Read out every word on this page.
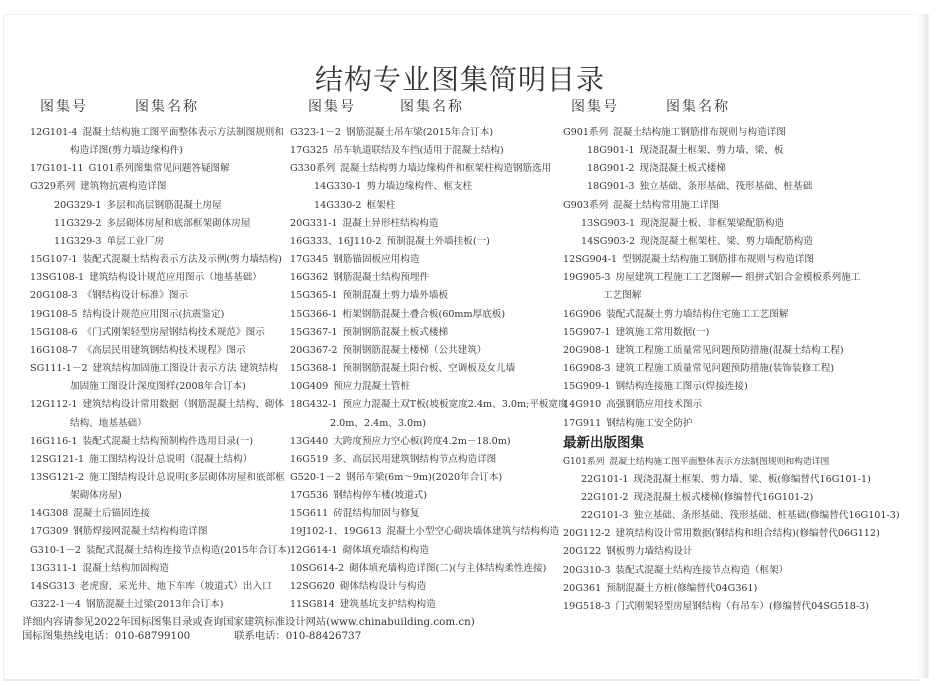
结构专业图集简明目录
图集号	图集名称	图集号	图集名称	图集号	图集名称
12G101-4 混凝土结构施工图平面整体表示方法制图规则和
构造详图(剪力墙边缘构件)
17G101-11 G101系列图集常见问题答疑图解
G329系列 建筑物抗震构造详图
20G329-1 多层和高层钢筋混凝土房屋
11G329-2 多层砌体房屋和底部框架砌体房屋
11G329-3 单层工业厂房
15G107-1 装配式混凝土结构表示方法及示例(剪力墙结构)
13SG108-1 建筑结构设计规范应用图示（地基基础）
20G108-3 《钢结构设计标准》图示
19G108-5 结构设计规范应用图示(抗震鉴定)
15G108-6 《门式刚架轻型房屋钢结构技术规范》图示
16G108-7 《高层民用建筑钢结构技术规程》图示
SG111-1－2 建筑结构加固施工图设计表示方法 建筑结构
加固施工图设计深度图样(2008年合订本)
12G112-1 建筑结构设计常用数据（钢筋混凝土结构、砌体
结构、地基基础）
16G116-1 装配式混凝土结构预制构件选用目录(一)
12SG121-1 施工图结构设计总说明（混凝土结构）
13SG121-2 施工图结构设计总说明(多层砌体房屋和底部框
架砌体房屋)
14G308 混凝土后锚固连接
17G309 钢筋焊接网混凝土结构构造详图
G310-1－2 装配式混凝土结构连接节点构造(2015年合订本)
13G311-1 混凝土结构加固构造
14SG313 老虎窗、采光井、地下车库（坡道式）出入口
G322-1－4 钢筋混凝土过梁(2013年合订本)
G323-1－2 钢筋混凝土吊车梁(2015年合订本)
17G325 吊车轨道联结及车挡(适用于混凝土结构)
G330系列 混凝土结构剪力墙边缘构件和框架柱构造钢筋选用
14G330-1 剪力墙边缘构件、框支柱
14G330-2 框架柱
20G331-1 混凝土异形柱结构构造
16G333、16J110-2 预制混凝土外墙挂板(一)
17G345 钢筋锚固板应用构造
16G362 钢筋混凝土结构预埋件
15G365-1 预制混凝土剪力墙外墙板
15G366-1 桁架钢筋混凝土叠合板(60mm厚底板)
15G367-1 预制钢筋混凝土板式楼梯
20G367-2 预制钢筋混凝土楼梯（公共建筑）
15G368-1 预制钢筋混凝土阳台板、空调板及女儿墙
10G409 预应力混凝土管桩
18G432-1 预应力混凝土双T板(坡板宽度2.4m、3.0m;平板宽度
2.0m、2.4m、3.0m)
13G440 大跨度预应力空心板(跨度4.2m－18.0m)
16G519 多、高层民用建筑钢结构节点构造详图
G520-1－2 钢吊车梁(6m～9m)(2020年合订本)
17G536 钢结构停车楼(坡道式)
15G611 砖混结构加固与修复
19J102-1、19G613 混凝土小型空心砌块墙体建筑与结构构造
12G614-1 砌体填充墙结构构造
10SG614-2 砌体填充墙构造详图(二)(与主体结构柔性连接)
12SG620 砌体结构设计与构造
11SG814 建筑基坑支护结构构造
G901系列 混凝土结构施工钢筋排布规则与构造详图
18G901-1 现浇混凝土框架、剪力墙、梁、板
18G901-2 现浇混凝土板式楼梯
18G901-3 独立基础、条形基础、筏形基础、桩基础
G903系列 混凝土结构常用施工详图
13SG903-1 现浇混凝土板、非框架梁配筋构造
14SG903-2 现浇混凝土框架柱、梁、剪力墙配筋构造
12SG904-1 型钢混凝土结构施工钢筋排布规则与构造详图
19G905-3 房屋建筑工程施工工艺图解── 组拼式铝合金模板系列施工
工艺图解
16G906 装配式混凝土剪力墙结构住宅施工工艺图解
15G907-1 建筑施工常用数据(一)
20G908-1 建筑工程施工质量常见问题预防措施(混凝土结构工程)
16G908-3 建筑工程施工质量常见问题预防措施(装饰装修工程)
15G909-1 钢结构连接施工图示(焊接连接)
14G910 高强钢筋应用技术图示
17G911 钢结构施工安全防护
最新出版图集
G101系列 混凝土结构施工图平面整体表示方法制图规则和构造详图
22G101-1 现浇混凝土框架、剪力墙、梁、板(修编替代16G101-1)
22G101-2 现浇混凝土板式楼梯(修编替代16G101-2)
22G101-3 独立基础、条形基础、筏形基础、桩基础(修编替代16G101-3)
20G112-2 建筑结构设计常用数据(钢结构和组合结构)(修编替代06G112)
20G122 钢板剪力墙结构设计
20G310-3 装配式混凝土结构连接节点构造（框架）
20G361 预制混凝土方桩(修编替代04G361)
19G518-3 门式刚架轻型房屋钢结构（有吊车）(修编替代04SG518-3)
详细内容请参见2022年国标图集目录或查询国家建筑标准设计网站(www.chinabuilding.com.cn)
国标图集热线电话：010-68799100	联系电话：010-88426737
